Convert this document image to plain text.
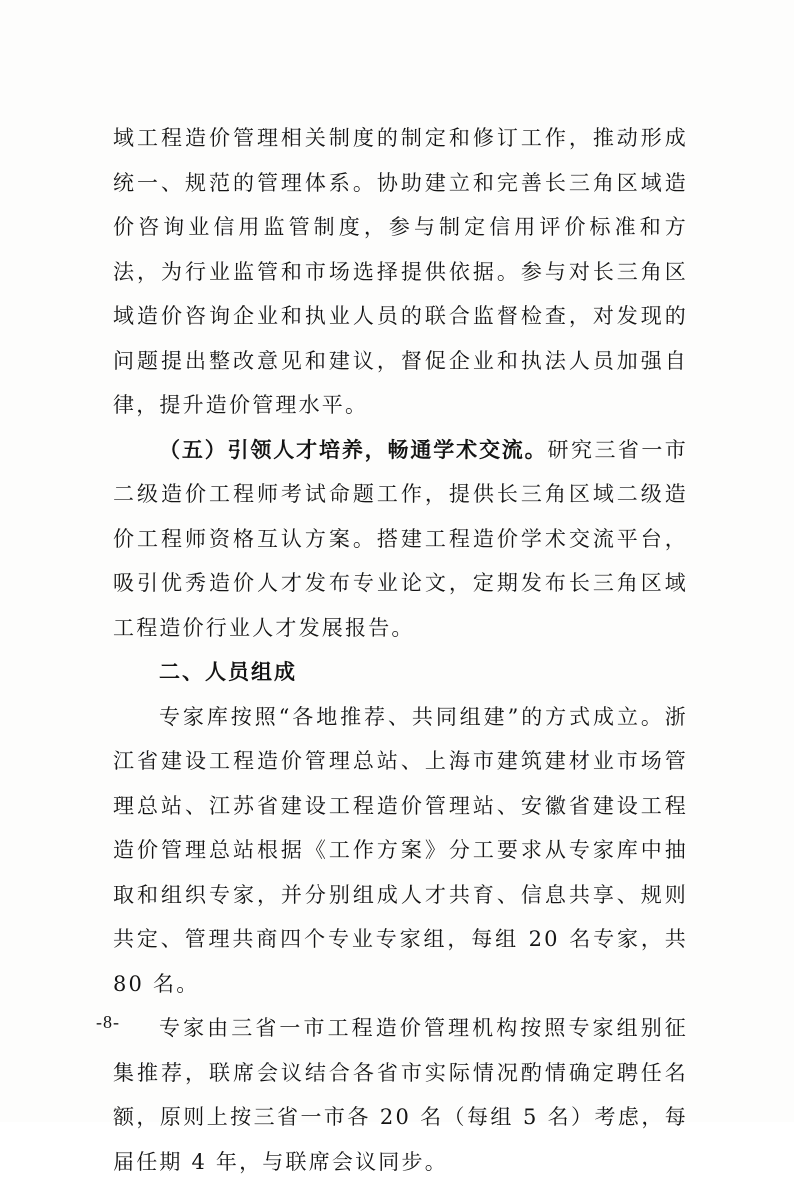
域工程造价管理相关制度的制定和修订工作，推动形成统一、规范的管理体系。协助建立和完善长三角区域造价咨询业信用监管制度，参与制定信用评价标准和方法，为行业监管和市场选择提供依据。参与对长三角区域造价咨询企业和执业人员的联合监督检查，对发现的问题提出整改意见和建议，督促企业和执法人员加强自律，提升造价管理水平。

（五）引领人才培养，畅通学术交流。研究三省一市二级造价工程师考试命题工作，提供长三角区域二级造价工程师资格互认方案。搭建工程造价学术交流平台，吸引优秀造价人才发布专业论文，定期发布长三角区域工程造价行业人才发展报告。

二、人员组成

专家库按照“各地推荐、共同组建”的方式成立。浙江省建设工程造价管理总站、上海市建筑建材业市场管理总站、江苏省建设工程造价管理站、安徽省建设工程造价管理总站根据《工作方案》分工要求从专家库中抽取和组织专家，并分别组成人才共育、信息共享、规则共定、管理共商四个专业专家组，每组 20 名专家，共 80 名。

专家由三省一市工程造价管理机构按照专家组别征集推荐，联席会议结合各省市实际情况酌情确定聘任名额，原则上按三省一市各 20 名（每组 5 名）考虑，每届任期 4 年，与联席会议同步。

-8-
